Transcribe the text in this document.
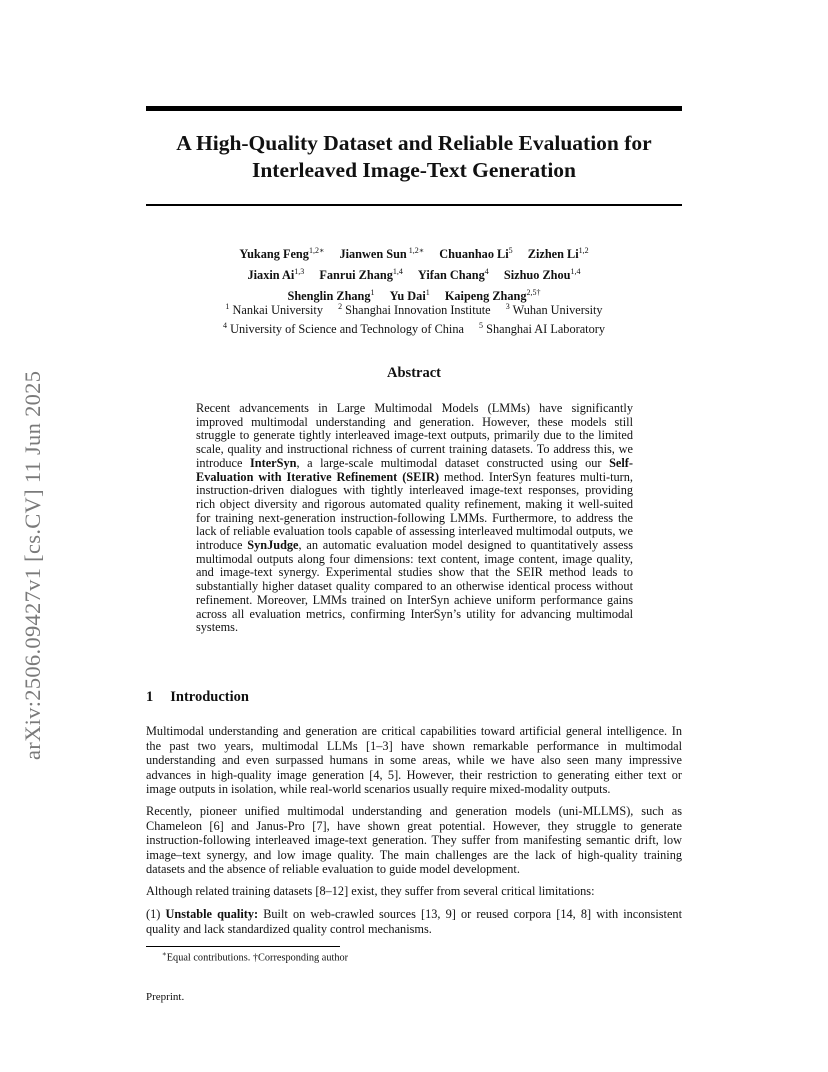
arXiv:2506.09427v1 [cs.CV] 11 Jun 2025
A High-Quality Dataset and Reliable Evaluation for
Interleaved Image-Text Generation
Yukang Feng$^{1,2∗}$ Jianwen Sun $^{1,2∗}$ Chuanhao Li$^5$ Zizhen Li$^{1,2}$
Jiaxin Ai$^{1,3}$ Fanrui Zhang$^{1,4}$ Yifan Chang$^4$ Sizhuo Zhou$^{1,4}$
Shenglin Zhang$^1$ Yu Dai$^1$ Kaipeng Zhang$^{2,5\dagger}$
$^1$ Nankai University $^2$ Shanghai Innovation Institute $^3$ Wuhan University
$^4$ University of Science and Technology of China $^5$ Shanghai AI Laboratory
Abstract

Recent advancements in Large Multimodal Models (LMMs) have significantly improved multimodal understanding and generation. However, these models still struggle to generate tightly interleaved image-text outputs, primarily due to the limited scale, quality and instructional richness of current training datasets. To address this, we introduce InterSyn, a large-scale multimodal dataset constructed using our Self-Evaluation with Iterative Refinement (SEIR) method. InterSyn features multi-turn, instruction-driven dialogues with tightly interleaved image-text responses, providing rich object diversity and rigorous automated quality refinement, making it well-suited for training next-generation instruction-following LMMs. Furthermore, to address the lack of reliable evaluation tools capable of assessing interleaved multimodal outputs, we introduce SynJudge, an automatic evaluation model designed to quantitatively assess multimodal outputs along four dimensions: text content, image content, image quality, and image-text synergy. Experimental studies show that the SEIR method leads to substantially higher dataset quality compared to an otherwise identical process without refinement. Moreover, LMMs trained on InterSyn achieve uniform performance gains across all evaluation metrics, confirming InterSyn’s utility for advancing multimodal systems.

1 Introduction

Multimodal understanding and generation are critical capabilities toward artificial general intelligence. In the past two years, multimodal LLMs [1–3] have shown remarkable performance in multimodal understanding and even surpassed humans in some areas, while we have also seen many impressive advances in high-quality image generation [4, 5]. However, their restriction to generating either text or image outputs in isolation, while real-world scenarios usually require mixed-modality outputs.

Recently, pioneer unified multimodal understanding and generation models (uni-MLLMS), such as Chameleon [6] and Janus-Pro [7], have shown great potential. However, they struggle to generate instruction-following interleaved image-text generation. They suffer from manifesting semantic drift, low image–text synergy, and low image quality. The main challenges are the lack of high-quality training datasets and the absence of reliable evaluation to guide model development.

Although related training datasets [8–12] exist, they suffer from several critical limitations:

(1) Unstable quality: Built on web-crawled sources [13, 9] or reused corpora [14, 8] with inconsistent quality and lack standardized quality control mechanisms.

∗Equal contributions. †Corresponding author

Preprint.
